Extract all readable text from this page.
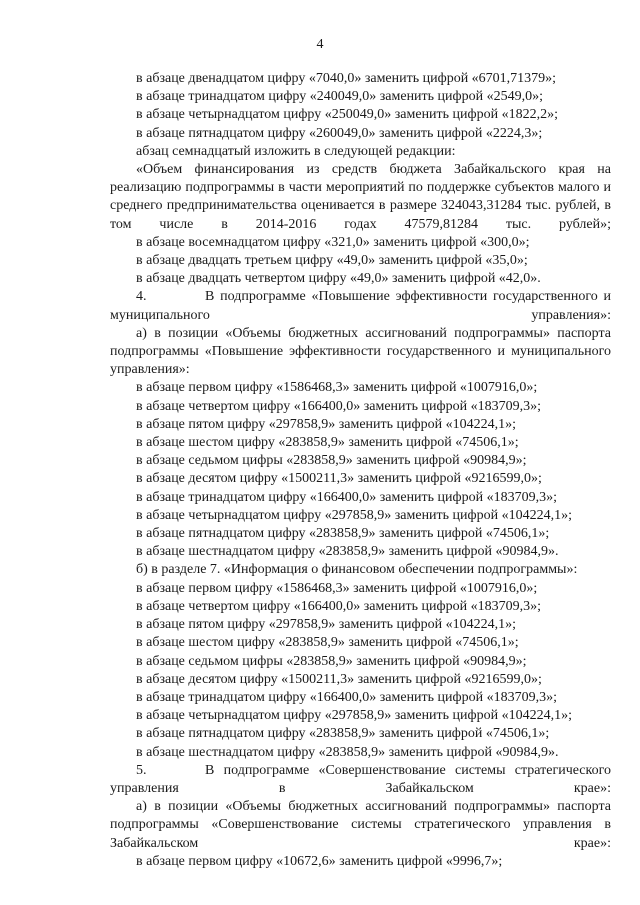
4

в абзаце двенадцатом цифру «7040,0» заменить цифрой «6701,71379»;

в абзаце тринадцатом цифру «240049,0» заменить цифрой «2549,0»;

в абзаце четырнадцатом цифру «250049,0» заменить цифрой «1822,2»;

в абзаце пятнадцатом цифру «260049,0» заменить цифрой «2224,3»;

абзац семнадцатый изложить в следующей редакции:

«Объем финансирования из средств бюджета Забайкальского края на реализацию подпрограммы в части мероприятий по поддержке субъектов малого и среднего предпринимательства оценивается в размере 324043,31284 тыс. рублей, в том числе в 2014-2016 годах 47579,81284 тыс. рублей»;

в абзаце восемнадцатом цифру «321,0» заменить цифрой «300,0»;

в абзаце двадцать третьем цифру «49,0» заменить цифрой «35,0»;

в абзаце двадцать четвертом цифру «49,0» заменить цифрой «42,0».

4.	В подпрограмме «Повышение эффективности государственного и муниципального управления»:

а) в позиции «Объемы бюджетных ассигнований подпрограммы» паспорта подпрограммы «Повышение эффективности государственного и муниципального управления»:

в абзаце первом цифру «1586468,3» заменить цифрой «1007916,0»;

в абзаце четвертом цифру «166400,0» заменить цифрой «183709,3»;

в абзаце пятом цифру «297858,9» заменить цифрой «104224,1»;

в абзаце шестом цифру «283858,9» заменить цифрой «74506,1»;

в абзаце седьмом цифры «283858,9» заменить цифрой «90984,9»;

в абзаце десятом цифру «1500211,3» заменить цифрой «9216599,0»;

в абзаце тринадцатом цифру «166400,0» заменить цифрой «183709,3»;

в абзаце четырнадцатом цифру «297858,9» заменить цифрой «104224,1»;

в абзаце пятнадцатом цифру «283858,9» заменить цифрой «74506,1»;

в абзаце шестнадцатом цифру «283858,9» заменить цифрой «90984,9».

б) в разделе 7. «Информация о финансовом обеспечении подпрограммы»:

в абзаце первом цифру «1586468,3» заменить цифрой «1007916,0»;

в абзаце четвертом цифру «166400,0» заменить цифрой «183709,3»;

в абзаце пятом цифру «297858,9» заменить цифрой «104224,1»;

в абзаце шестом цифру «283858,9» заменить цифрой «74506,1»;

в абзаце седьмом цифры «283858,9» заменить цифрой «90984,9»;

в абзаце десятом цифру «1500211,3» заменить цифрой «9216599,0»;

в абзаце тринадцатом цифру «166400,0» заменить цифрой «183709,3»;

в абзаце четырнадцатом цифру «297858,9» заменить цифрой «104224,1»;

в абзаце пятнадцатом цифру «283858,9» заменить цифрой «74506,1»;

в абзаце шестнадцатом цифру «283858,9» заменить цифрой «90984,9».

5.	В подпрограмме «Совершенствование системы стратегического управления в Забайкальском крае»:

а) в позиции «Объемы бюджетных ассигнований подпрограммы» паспорта подпрограммы «Совершенствование системы стратегического управления в Забайкальском крае»:

в абзаце первом цифру «10672,6» заменить цифрой «9996,7»;
